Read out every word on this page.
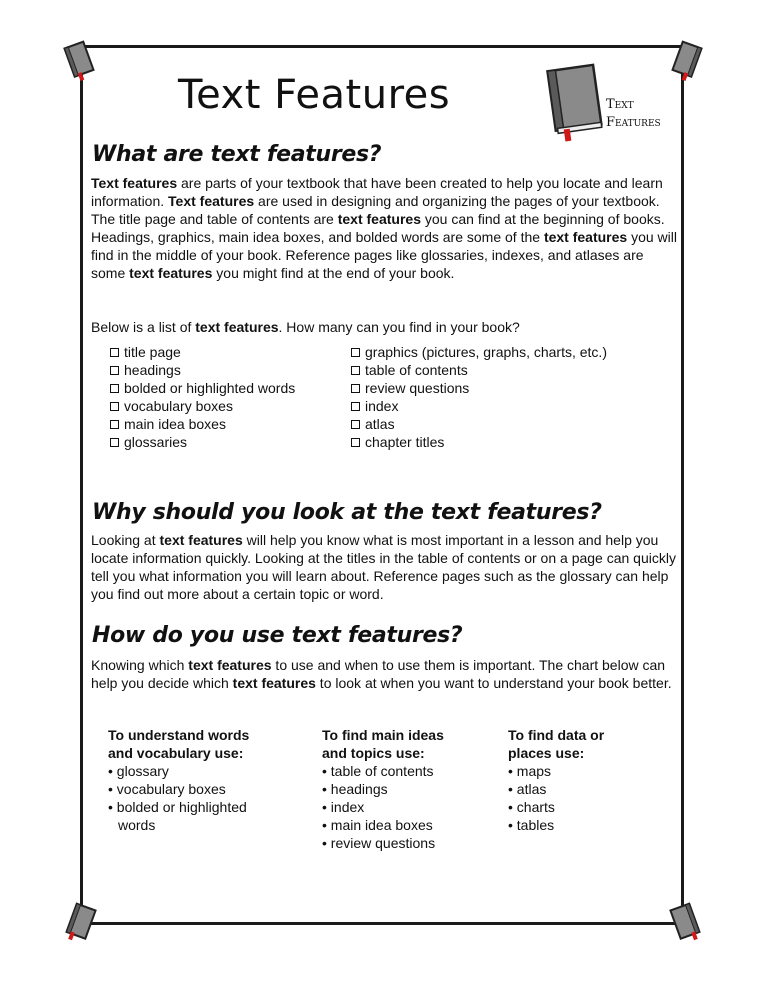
Text Features	Text
Features
What are text features?
Text features are parts of your textbook that have been created to help you locate and learn information. Text features are used in designing and organizing the pages of your textbook. The title page and table of contents are text features you can find at the beginning of books. Headings, graphics, main idea boxes, and bolded words are some of the text features you will find in the middle of your book. Reference pages like glossaries, indexes, and atlases are some text features you might find at the end of your book.
Below is a list of text features. How many can you find in your book?
title page
headings
bolded or highlighted words
vocabulary boxes
main idea boxes
glossaries
graphics (pictures, graphs, charts, etc.)
table of contents
review questions
index
atlas
chapter titles
Why should you look at the text features?
Looking at text features will help you know what is most important in a lesson and help you locate information quickly. Looking at the titles in the table of contents or on a page can quickly tell you what information you will learn about. Reference pages such as the glossary can help you find out more about a certain topic or word.
How do you use text features?
Knowing which text features to use and when to use them is important. The chart below can help you decide which text features to look at when you want to understand your book better.
To understand words
and vocabulary use:
• glossary
• vocabulary boxes
• bolded or highlighted
words
To find main ideas
and topics use:
• table of contents
• headings
• index
• main idea boxes
• review questions
To find data or
places use:
• maps
• atlas
• charts
• tables
